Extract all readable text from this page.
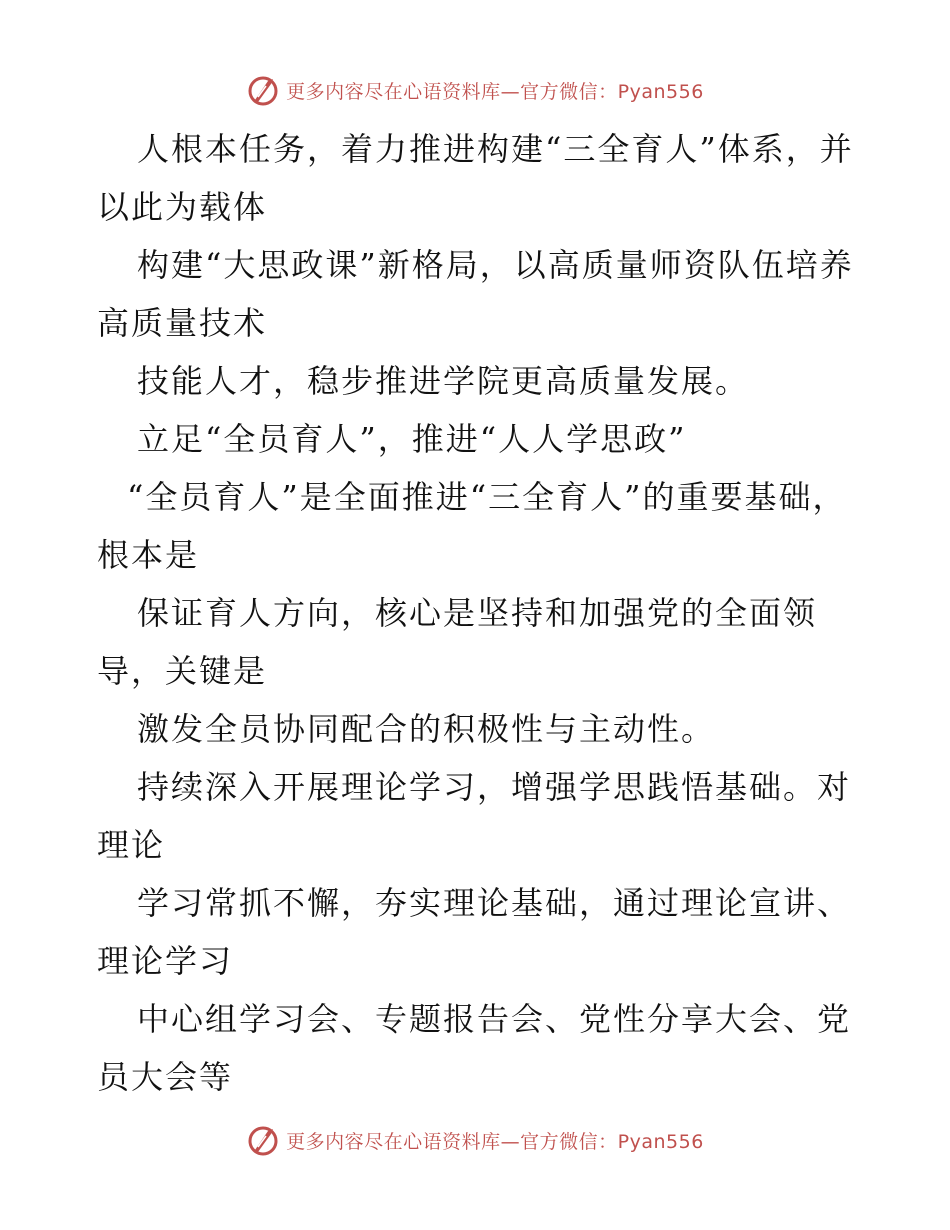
更多内容尽在心语资料库—官方微信：Pyan556

人根本任务，着力推进构建“三全育人”体系，并以此为载体

构建“大思政课”新格局，以高质量师资队伍培养高质量技术

技能人才，稳步推进学院更高质量发展。

立足“全员育人”，推进“人人学思政”

“全员育人”是全面推进“三全育人”的重要基础，根本是

保证育人方向，核心是坚持和加强党的全面领导，关键是

激发全员协同配合的积极性与主动性。

持续深入开展理论学习，增强学思践悟基础。对理论

学习常抓不懈，夯实理论基础，通过理论宣讲、理论学习

中心组学习会、专题报告会、党性分享大会、党员大会等

更多内容尽在心语资料库—官方微信：Pyan556
